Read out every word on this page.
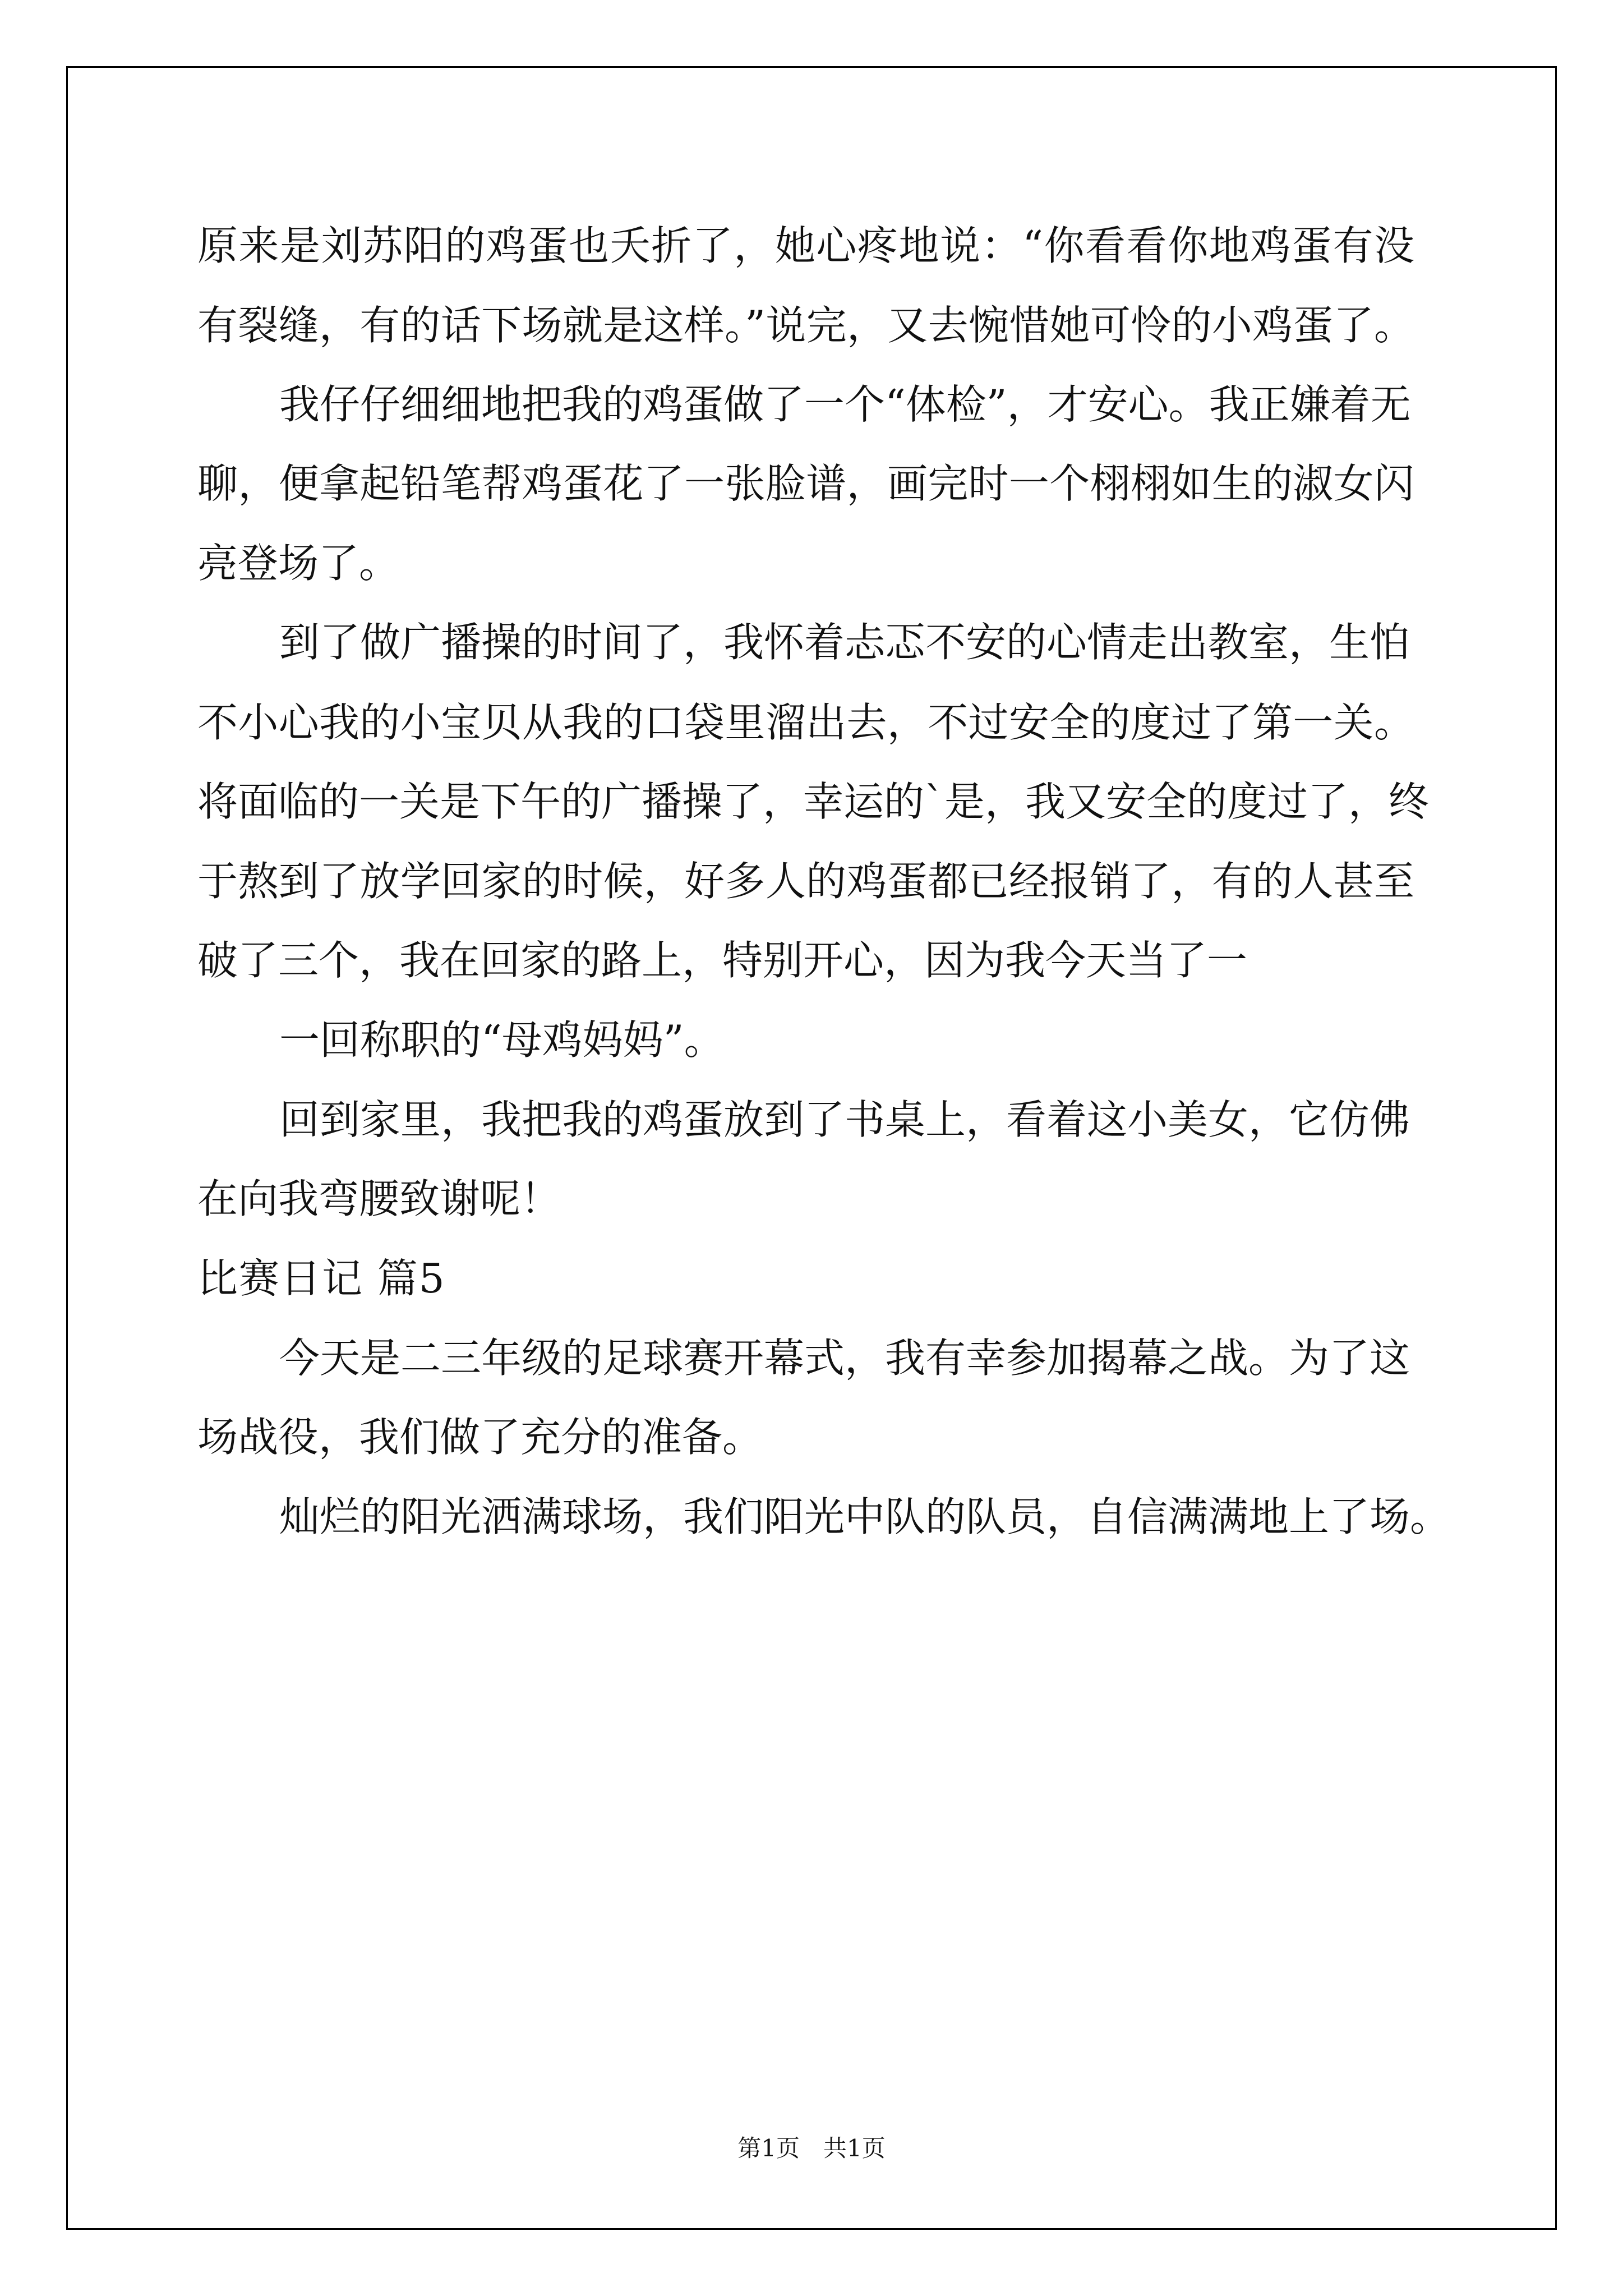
原来是刘苏阳的鸡蛋也夭折了，她心疼地说：“你看看你地鸡蛋有没

有裂缝，有的话下场就是这样。”说完，又去惋惜她可怜的小鸡蛋了。

我仔仔细细地把我的鸡蛋做了一个“体检”，才安心。我正嫌着无

聊，便拿起铅笔帮鸡蛋花了一张脸谱，画完时一个栩栩如生的淑女闪

亮登场了。

到了做广播操的时间了，我怀着忐忑不安的心情走出教室，生怕

不小心我的小宝贝从我的口袋里溜出去，不过安全的度过了第一关。

将面临的一关是下午的广播操了，幸运的`是，我又安全的度过了，终

于熬到了放学回家的时候，好多人的鸡蛋都已经报销了，有的人甚至

破了三个，我在回家的路上，特别开心，因为我今天当了一

一回称职的“母鸡妈妈”。

回到家里，我把我的鸡蛋放到了书桌上，看着这小美女，它仿佛

在向我弯腰致谢呢！

比赛日记 篇5

今天是二三年级的足球赛开幕式，我有幸参加揭幕之战。为了这

场战役，我们做了充分的准备。

灿烂的阳光洒满球场，我们阳光中队的队员，自信满满地上了场。

第1页　共1页
